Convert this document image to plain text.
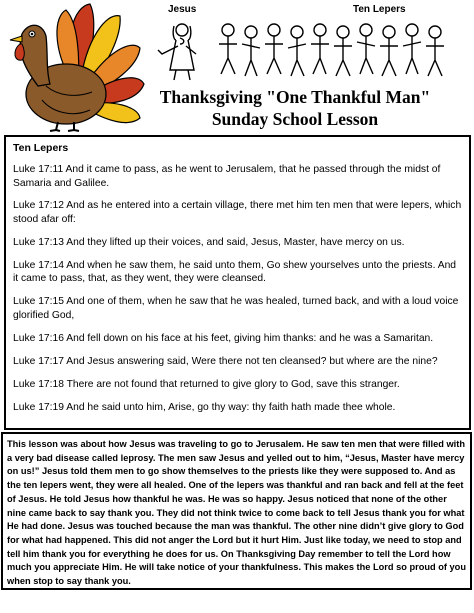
Jesus	Ten Lepers
Thanksgiving "One Thankful Man"
Sunday School Lesson
Ten Lepers
Luke 17:11 And it came to pass, as he went to Jerusalem, that he passed through the midst of Samaria and Galilee.
Luke 17:12 And as he entered into a certain village, there met him ten men that were lepers, which stood afar off:
Luke 17:13 And they lifted up their voices, and said, Jesus, Master, have mercy on us.
Luke 17:14 And when he saw them, he said unto them, Go shew yourselves unto the priests. And it came to pass, that, as they went, they were cleansed.
Luke 17:15 And one of them, when he saw that he was healed, turned back, and with a loud voice glorified God,
Luke 17:16 And fell down on his face at his feet, giving him thanks: and he was a Samaritan.
Luke 17:17 And Jesus answering said, Were there not ten cleansed? but where are the nine?
Luke 17:18 There are not found that returned to give glory to God, save this stranger.
Luke 17:19 And he said unto him, Arise, go thy way: thy faith hath made thee whole.
This lesson was about how Jesus was traveling to go to Jerusalem. He saw ten men that were filled with a very bad disease called leprosy. The men saw Jesus and yelled out to him, “Jesus, Master have mercy on us!” Jesus told them men to go show themselves to the priests like they were supposed to. And as the ten lepers went, they were all healed. One of the lepers was thankful and ran back and fell at the feet of Jesus. He told Jesus how thankful he was. He was so happy. Jesus noticed that none of the other nine came back to say thank you. They did not think twice to come back to tell Jesus thank you for what He had done. Jesus was touched because the man was thankful. The other nine didn’t give glory to God for what had happened. This did not anger the Lord but it hurt Him. Just like today, we need to stop and tell him thank you for everything he does for us. On Thanksgiving Day remember to tell the Lord how much you appreciate Him. He will take notice of your thankfulness. This makes the Lord so proud of you when stop to say thank you.
